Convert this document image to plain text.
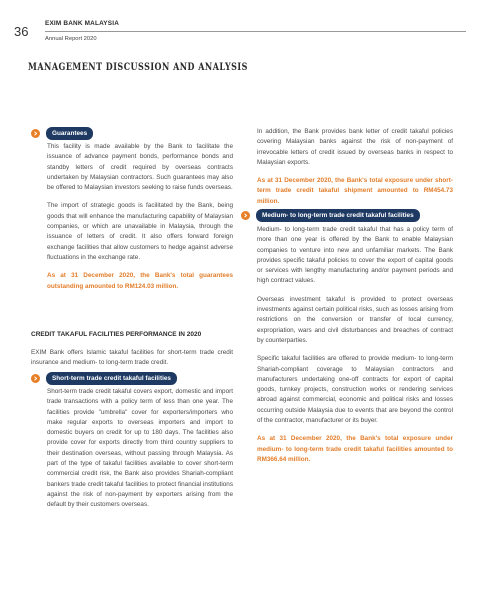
36
EXIM BANK MALAYSIA
Annual Report 2020
MANAGEMENT DISCUSSION AND ANALYSIS
Guarantees

This facility is made available by the Bank to facilitate the issuance of advance payment bonds, performance bonds and standby letters of credit required by overseas contracts undertaken by Malaysian contractors. Such guarantees may also be offered to Malaysian investors seeking to raise funds overseas.

The import of strategic goods is facilitated by the Bank, being goods that will enhance the manufacturing capability of Malaysian companies, or which are unavailable in Malaysia, through the issuance of letters of credit. It also offers forward foreign exchange facilities that allow customers to hedge against adverse fluctuations in the exchange rate.

As at 31 December 2020, the Bank's total guarantees outstanding amounted to RM124.03 million.

CREDIT TAKAFUL FACILITIES PERFORMANCE IN 2020

EXIM Bank offers Islamic takaful facilities for short-term trade credit insurance and medium- to long-term trade credit.

Short-term trade credit takaful facilities

Short-term trade credit takaful covers export, domestic and import trade transactions with a policy term of less than one year. The facilities provide "umbrella" cover for exporters/importers who make regular exports to overseas importers and import to domestic buyers on credit for up to 180 days. The facilities also provide cover for exports directly from third country suppliers to their destination overseas, without passing through Malaysia. As part of the type of takaful facilities available to cover short-term commercial credit risk, the Bank also provides Shariah-compliant bankers trade credit takaful facilities to protect financial institutions against the risk of non-payment by exporters arising from the default by their customers overseas.

In addition, the Bank provides bank letter of credit takaful policies covering Malaysian banks against the risk of non-payment of irrevocable letters of credit issued by overseas banks in respect to Malaysian exports.

As at 31 December 2020, the Bank's total exposure under short-term trade credit takaful shipment amounted to RM454.73 million.

Medium- to long-term trade credit takaful facilities

Medium- to long-term trade credit takaful that has a policy term of more than one year is offered by the Bank to enable Malaysian companies to venture into new and unfamiliar markets. The Bank provides specific takaful policies to cover the export of capital goods or services with lengthy manufacturing and/or payment periods and high contract values.

Overseas investment takaful is provided to protect overseas investments against certain political risks, such as losses arising from restrictions on the conversion or transfer of local currency, expropriation, wars and civil disturbances and breaches of contract by counterparties.

Specific takaful facilities are offered to provide medium- to long-term Shariah-compliant coverage to Malaysian contractors and manufacturers undertaking one-off contracts for export of capital goods, turnkey projects, construction works or rendering services abroad against commercial, economic and political risks and losses occurring outside Malaysia due to events that are beyond the control of the contractor, manufacturer or its buyer.

As at 31 December 2020, the Bank's total exposure under medium- to long-term trade credit takaful facilities amounted to RM366.64 million.
